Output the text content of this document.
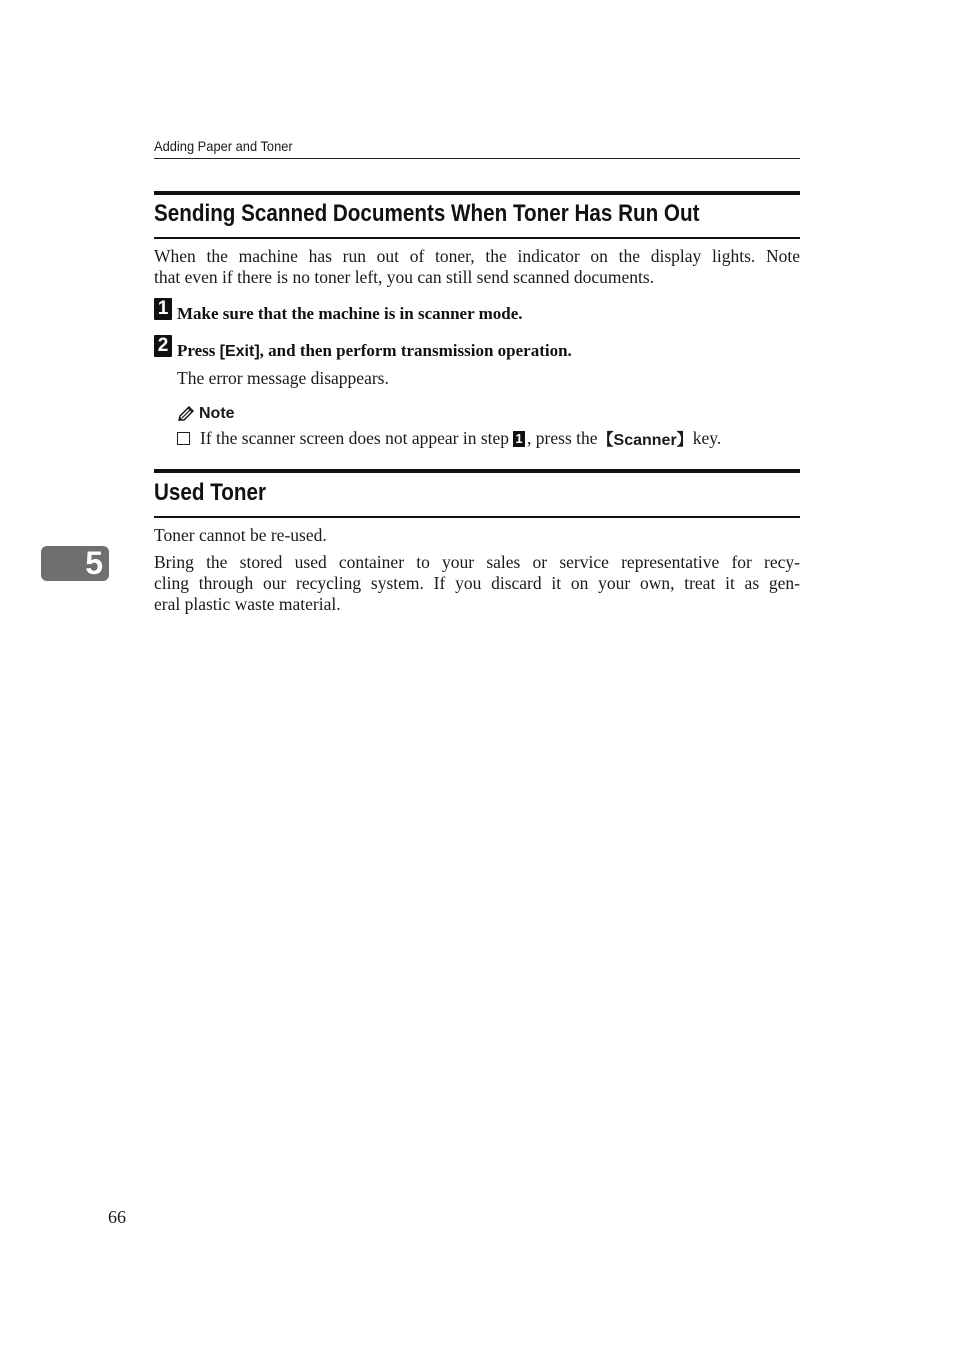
Adding Paper and Toner
Sending Scanned Documents When Toner Has Run Out
When the machine has run out of toner, the indicator on the display lights. Note
that even if there is no toner left, you can still send scanned documents.
1 Make sure that the machine is in scanner mode.
2 Press [Exit], and then perform transmission operation.
The error message disappears.
Note
If the scanner screen does not appear in step 1 , press the 【Scanner】 key.
Used Toner
Toner cannot be re-used.
Bring the stored used container to your sales or service representative for recy-
cling through our recycling system. If you discard it on your own, treat it as gen-
eral plastic waste material.
5
66
